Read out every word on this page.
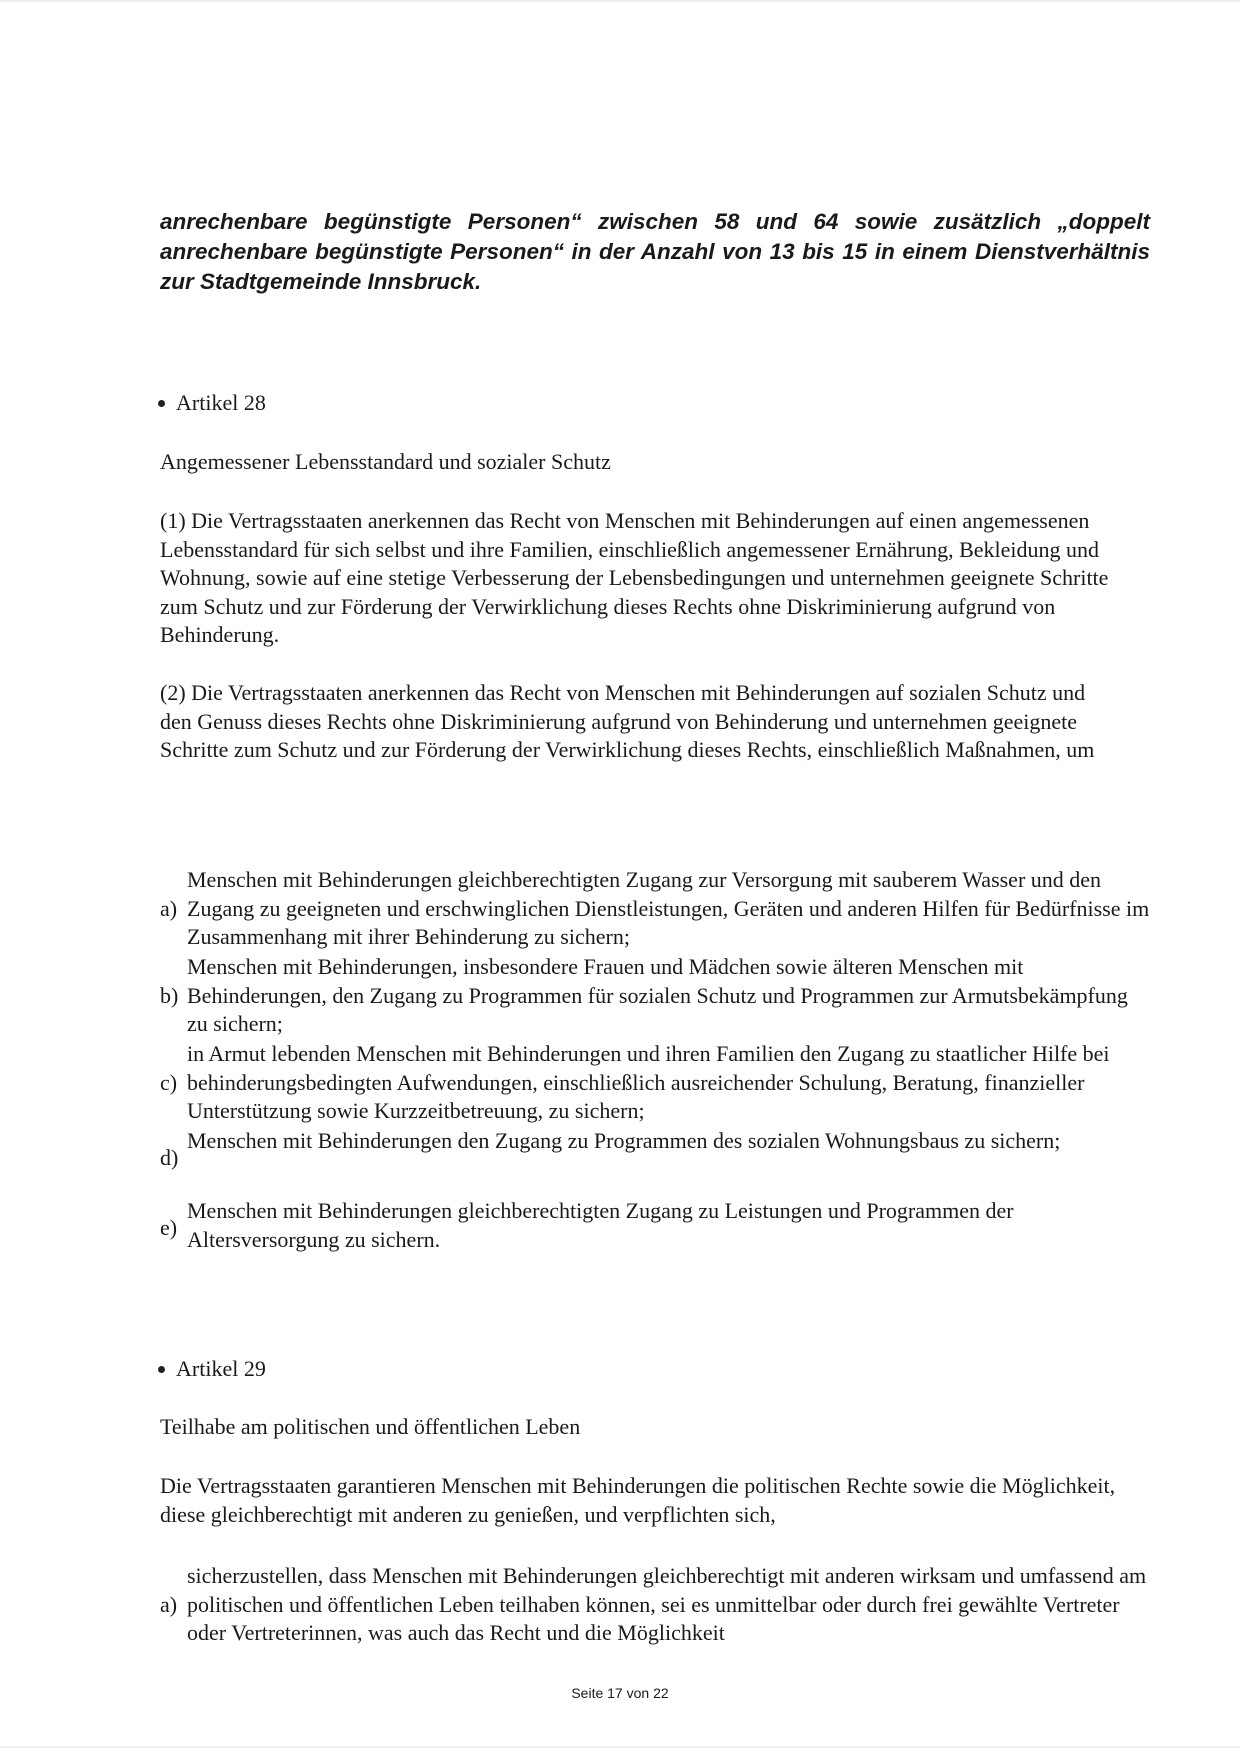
anrechenbare begünstigte Personen“ zwischen 58 und 64 sowie zusätzlich „doppelt anrechenbare begünstigte Personen“ in der Anzahl von 13 bis 15 in einem Dienstverhältnis zur Stadtgemeinde Innsbruck.
Artikel 28
Angemessener Lebensstandard und sozialer Schutz
(1) Die Vertragsstaaten anerkennen das Recht von Menschen mit Behinderungen auf einen angemessenen Lebensstandard für sich selbst und ihre Familien, einschließlich angemessener Ernährung, Bekleidung und Wohnung, sowie auf eine stetige Verbesserung der Lebensbedingungen und unternehmen geeignete Schritte zum Schutz und zur Förderung der Verwirklichung dieses Rechts ohne Diskriminierung aufgrund von Behinderung.
(2) Die Vertragsstaaten anerkennen das Recht von Menschen mit Behinderungen auf sozialen Schutz und den Genuss dieses Rechts ohne Diskriminierung aufgrund von Behinderung und unternehmen geeignete Schritte zum Schutz und zur Förderung der Verwirklichung dieses Rechts, einschließlich Maßnahmen, um
a)
Menschen mit Behinderungen gleichberechtigten Zugang zur Versorgung mit sauberem Wasser und den Zugang zu geeigneten und erschwinglichen Dienstleistungen, Geräten und anderen Hilfen für Bedürfnisse im Zusammenhang mit ihrer Behinderung zu sichern;
b)
Menschen mit Behinderungen, insbesondere Frauen und Mädchen sowie älteren Menschen mit Behinderungen, den Zugang zu Programmen für sozialen Schutz und Programmen zur Armutsbekämpfung zu sichern;
c)
in Armut lebenden Menschen mit Behinderungen und ihren Familien den Zugang zu staatlicher Hilfe bei behinderungsbedingten Aufwendungen, einschließlich ausreichender Schulung, Beratung, finanzieller Unterstützung sowie Kurzzeitbetreuung, zu sichern;
d)
Menschen mit Behinderungen den Zugang zu Programmen des sozialen Wohnungsbaus zu sichern;
e)
Menschen mit Behinderungen gleichberechtigten Zugang zu Leistungen und Programmen der Altersversorgung zu sichern.
Artikel 29
Teilhabe am politischen und öffentlichen Leben
Die Vertragsstaaten garantieren Menschen mit Behinderungen die politischen Rechte sowie die Möglichkeit, diese gleichberechtigt mit anderen zu genießen, und verpflichten sich,
a)
sicherzustellen, dass Menschen mit Behinderungen gleichberechtigt mit anderen wirksam und umfassend am politischen und öffentlichen Leben teilhaben können, sei es unmittelbar oder durch frei gewählte Vertreter oder Vertreterinnen, was auch das Recht und die Möglichkeit
Seite 17 von 22
